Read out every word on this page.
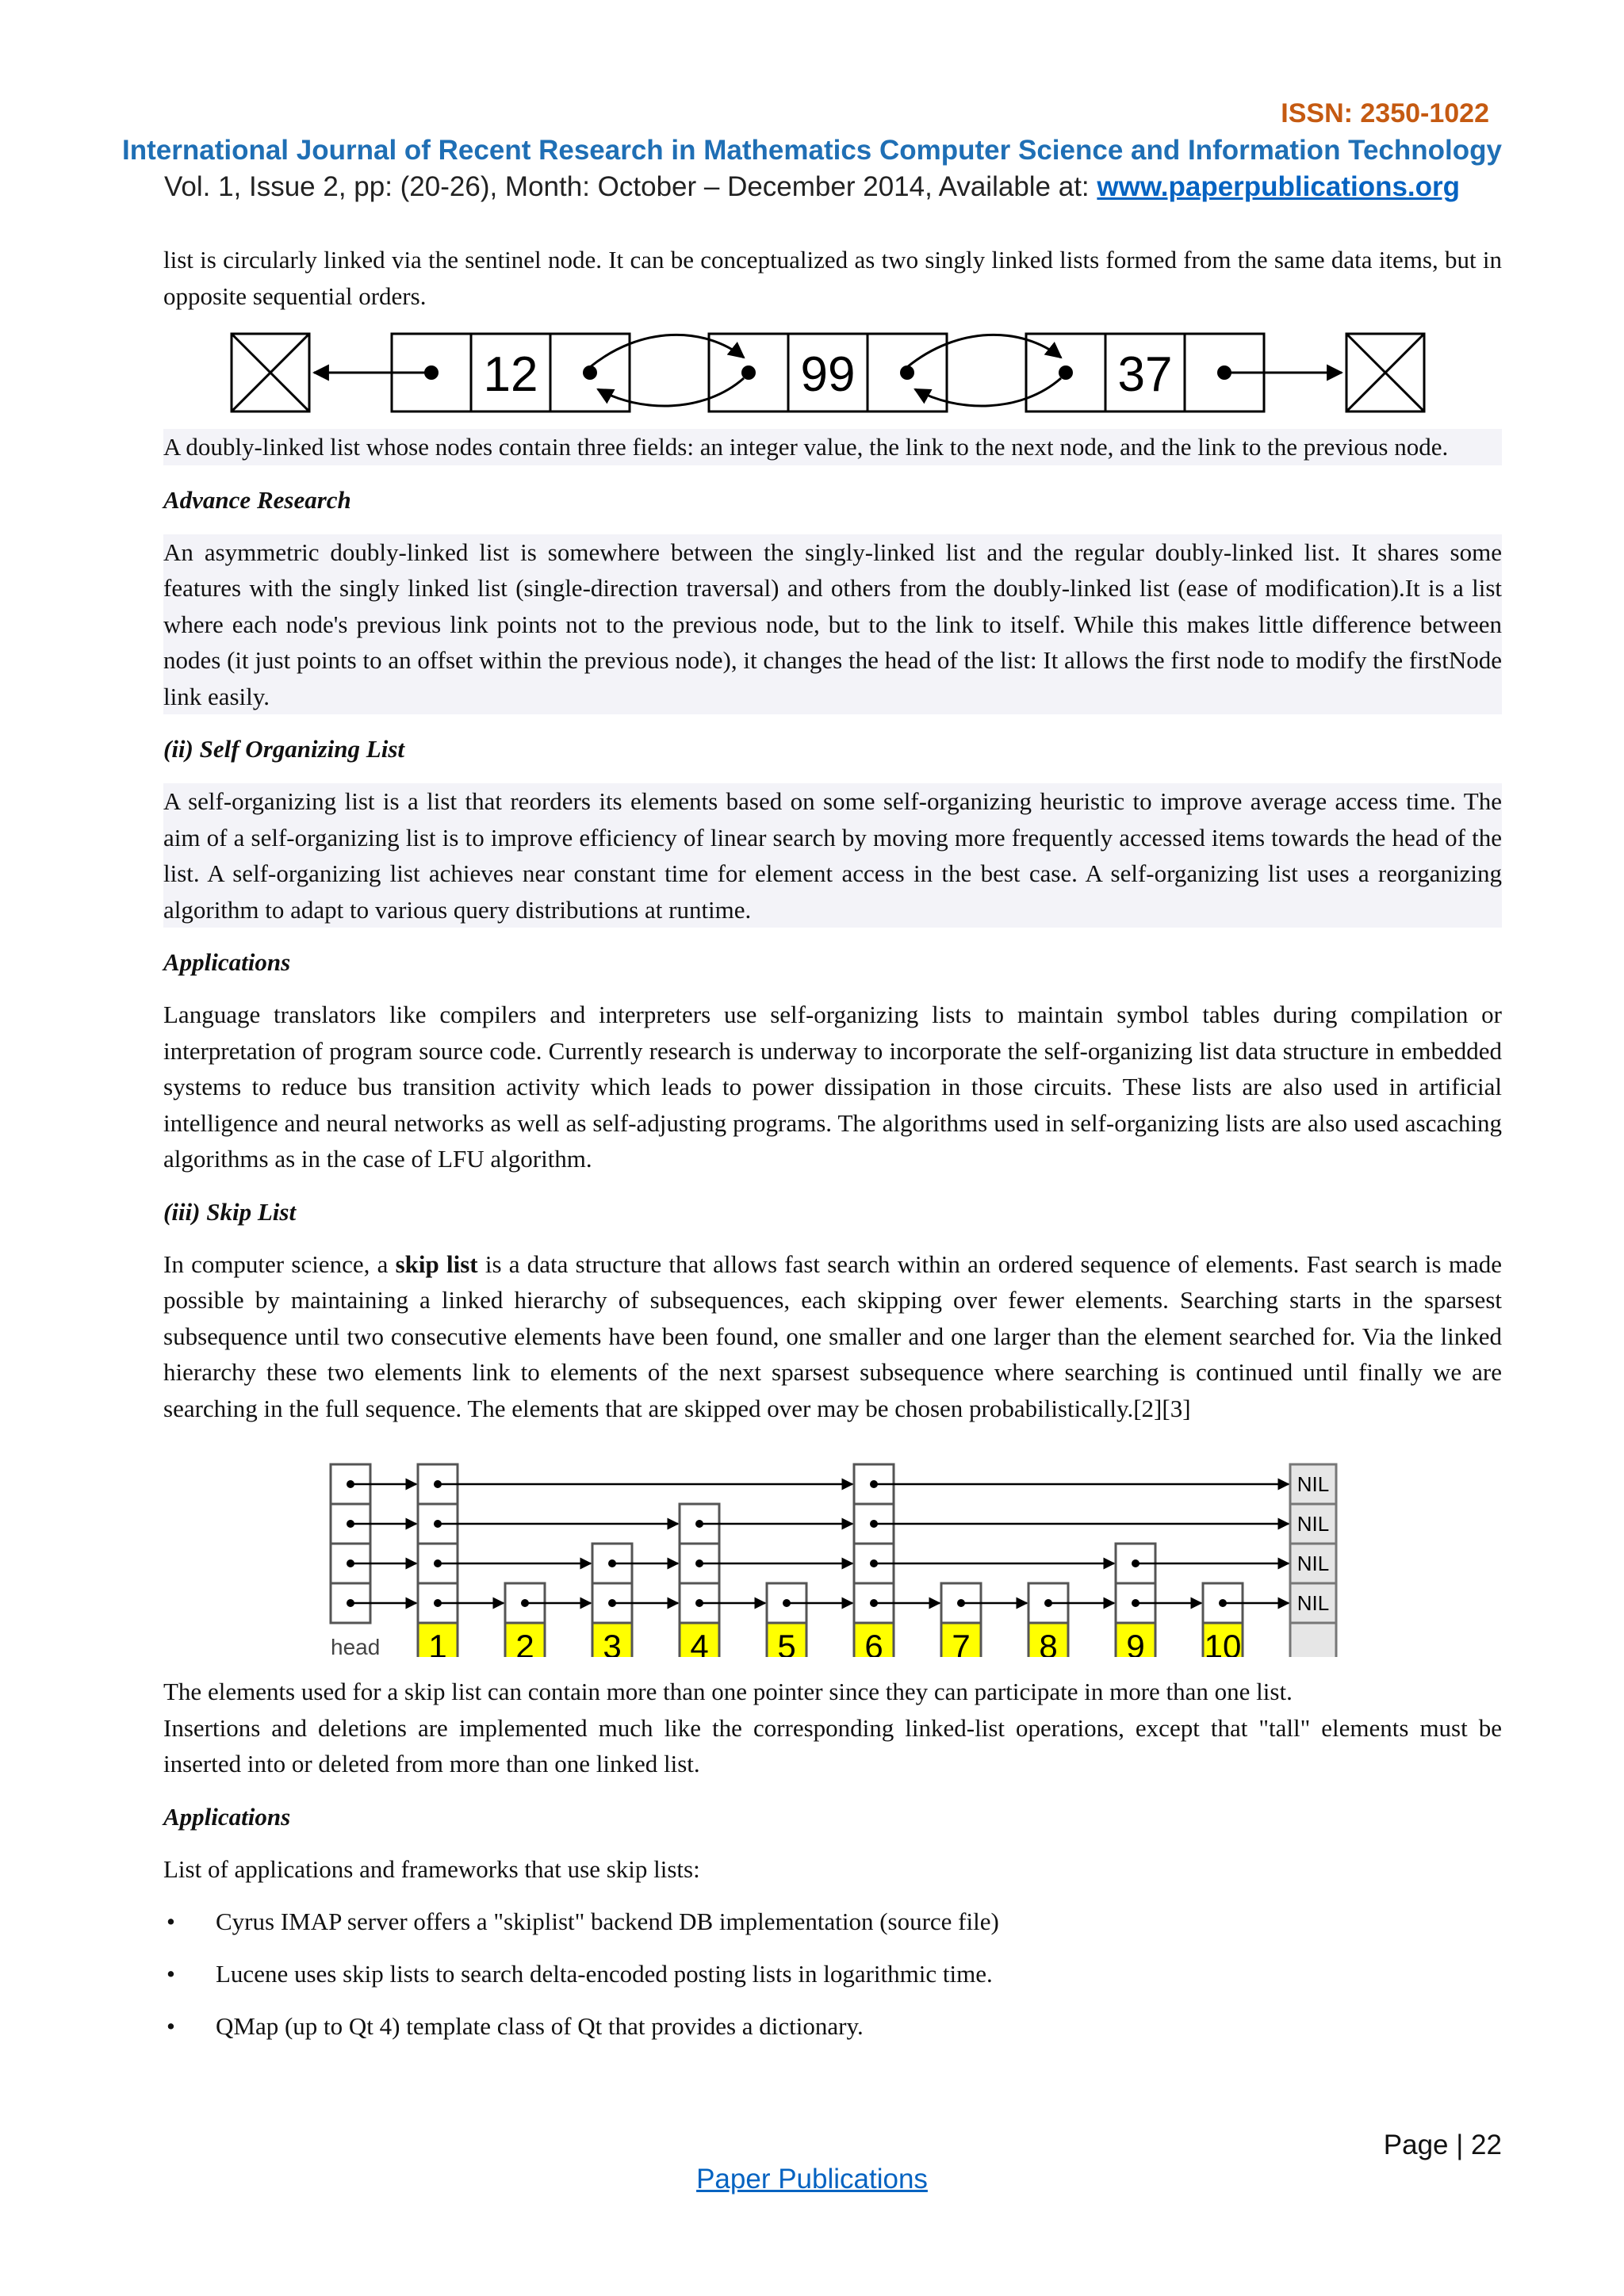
ISSN: 2350-1022
International Journal of Recent Research in Mathematics Computer Science and Information Technology
Vol. 1, Issue 2, pp: (20-26), Month: October – December 2014, Available at: www.paperpublications.org

list is circularly linked via the sentinel node. It can be conceptualized as two singly linked lists formed from the same data items, but in opposite sequential orders.

12	99	37

A doubly-linked list whose nodes contain three fields: an integer value, the link to the next node, and the link to the previous node.

Advance Research

An asymmetric doubly-linked list is somewhere between the singly-linked list and the regular doubly-linked list. It shares some features with the singly linked list (single-direction traversal) and others from the doubly-linked list (ease of modification).It is a list where each node's previous link points not to the previous node, but to the link to itself. While this makes little difference between nodes (it just points to an offset within the previous node), it changes the head of the list: It allows the first node to modify the firstNode link easily.

(ii) Self Organizing List

A self-organizing list is a list that reorders its elements based on some self-organizing heuristic to improve average access time. The aim of a self-organizing list is to improve efficiency of linear search by moving more frequently accessed items towards the head of the list. A self-organizing list achieves near constant time for element access in the best case. A self-organizing list uses a reorganizing algorithm to adapt to various query distributions at runtime.

Applications

Language translators like compilers and interpreters use self-organizing lists to maintain symbol tables during compilation or interpretation of program source code. Currently research is underway to incorporate the self-organizing list data structure in embedded systems to reduce bus transition activity which leads to power dissipation in those circuits. These lists are also used in artificial intelligence and neural networks as well as self-adjusting programs. The algorithms used in self-organizing lists are also used ascaching algorithms as in the case of LFU algorithm.

(iii) Skip List

In computer science, a skip list is a data structure that allows fast search within an ordered sequence of elements. Fast search is made possible by maintaining a linked hierarchy of subsequences, each skipping over fewer elements. Searching starts in the sparsest subsequence until two consecutive elements have been found, one smaller and one larger than the element searched for. Via the linked hierarchy these two elements link to elements of the next sparsest subsequence where searching is continued until finally we are searching in the full sequence. The elements that are skipped over may be chosen probabilistically.[2][3]

head
NIL
NIL
NIL
NIL
1 2 3 4 5 6 7 8 9 10

The elements used for a skip list can contain more than one pointer since they can participate in more than one list.

Insertions and deletions are implemented much like the corresponding linked-list operations, except that "tall" elements must be inserted into or deleted from more than one linked list.

Applications

List of applications and frameworks that use skip lists:

• Cyrus IMAP server offers a "skiplist" backend DB implementation (source file)
• Lucene uses skip lists to search delta-encoded posting lists in logarithmic time.
• QMap (up to Qt 4) template class of Qt that provides a dictionary.
Page | 22
Paper Publications
